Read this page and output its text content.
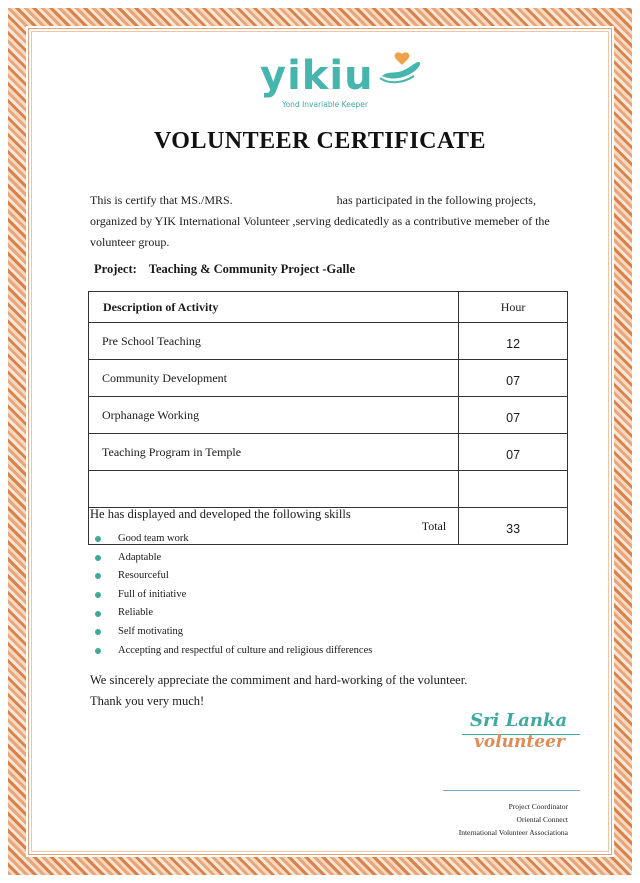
yikiu
Yond Invariable Keeper
VOLUNTEER CERTIFICATE
This is certify that MS./MRS.	has participated in the following projects,
organized by YIK International Volunteer ,serving dedicatedly as a contributive memeber of the
volunteer group.
Project: Teaching & Community Project -Galle
Description of Activity	Hour
Pre School Teaching	12
Community Development	07
Orphanage Working	07
Teaching Program in Temple	07

Total	33
He has displayed and developed the following skills
Good team work
Adaptable
Resourceful
Full of initiative
Reliable
Self motivating
Accepting and respectful of culture and religious differences
We sincerely appreciate the commiment and hard-working of the volunteer.
Thank you very much!
Sri Lanka
volunteer
Project Coordinator
Oriental Connect
International Volunteer Associationa
